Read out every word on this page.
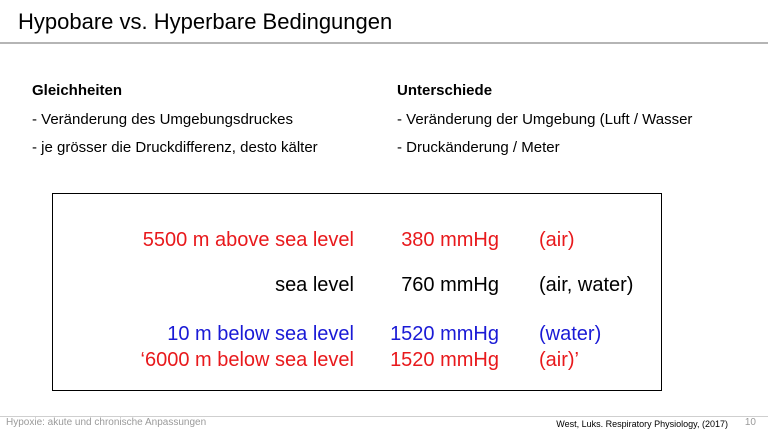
Hypobare vs. Hyperbare Bedingungen
Gleichheiten
- Veränderung des Umgebungsdruckes
- je grösser die Druckdifferenz, desto kälter
Unterschiede
- Veränderung der Umgebung (Luft / Wasser
- Druckänderung / Meter
5500 m above sea level 380 mmHg (air)
sea level 760 mmHg (air, water)
10 m below sea level 1520 mmHg (water)
‘6000 m below sea level 1520 mmHg (air)’
Hypoxie: akute und chronische Anpassungen	West, Luks. Respiratory Physiology, (2017) 10
